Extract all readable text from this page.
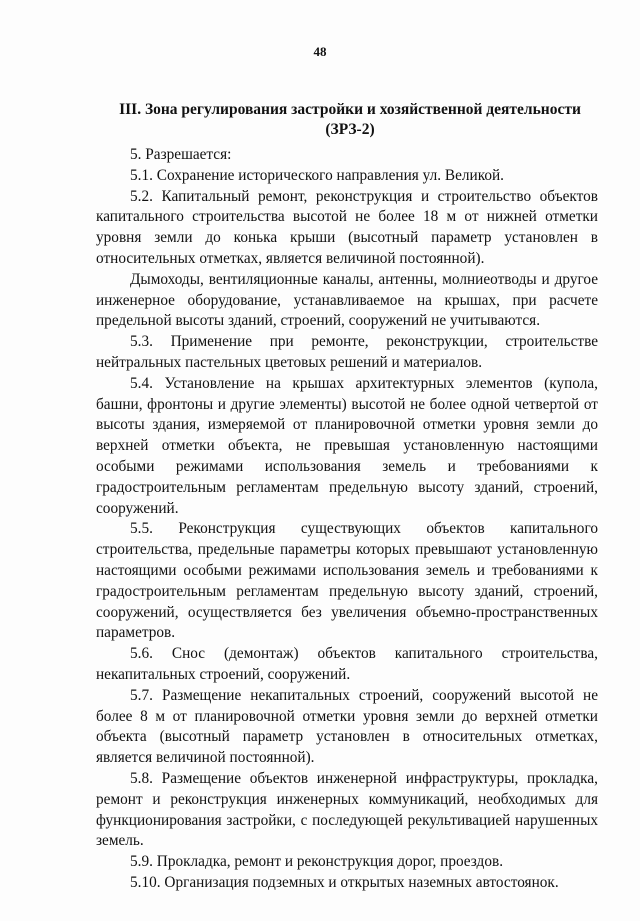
48
III. Зона регулирования застройки и хозяйственной деятельности
(ЗРЗ-2)

5. Разрешается:

5.1. Сохранение исторического направления ул. Великой.

5.2. Капитальный ремонт, реконструкция и строительство объектов капитального строительства высотой не более 18 м от нижней отметки уровня земли до конька крыши (высотный параметр установлен в относительных отметках, является величиной постоянной).

Дымоходы, вентиляционные каналы, антенны, молниеотводы и другое инженерное оборудование, устанавливаемое на крышах, при расчете предельной высоты зданий, строений, сооружений не учитываются.

5.3. Применение при ремонте, реконструкции, строительстве нейтральных пастельных цветовых решений и материалов.

5.4. Установление на крышах архитектурных элементов (купола, башни, фронтоны и другие элементы) высотой не более одной четвертой от высоты здания, измеряемой от планировочной отметки уровня земли до верхней отметки объекта, не превышая установленную настоящими особыми режимами использования земель и требованиями к градостроительным регламентам предельную высоту зданий, строений, сооружений.

5.5. Реконструкция существующих объектов капитального строительства, предельные параметры которых превышают установленную настоящими особыми режимами использования земель и требованиями к градостроительным регламентам предельную высоту зданий, строений, сооружений, осуществляется без увеличения объемно-пространственных параметров.

5.6. Снос (демонтаж) объектов капитального строительства, некапитальных строений, сооружений.

5.7. Размещение некапитальных строений, сооружений высотой не более 8 м от планировочной отметки уровня земли до верхней отметки объекта (высотный параметр установлен в относительных отметках, является величиной постоянной).

5.8. Размещение объектов инженерной инфраструктуры, прокладка, ремонт и реконструкция инженерных коммуникаций, необходимых для функционирования застройки, с последующей рекультивацией нарушенных земель.

5.9. Прокладка, ремонт и реконструкция дорог, проездов.

5.10. Организация подземных и открытых наземных автостоянок.
